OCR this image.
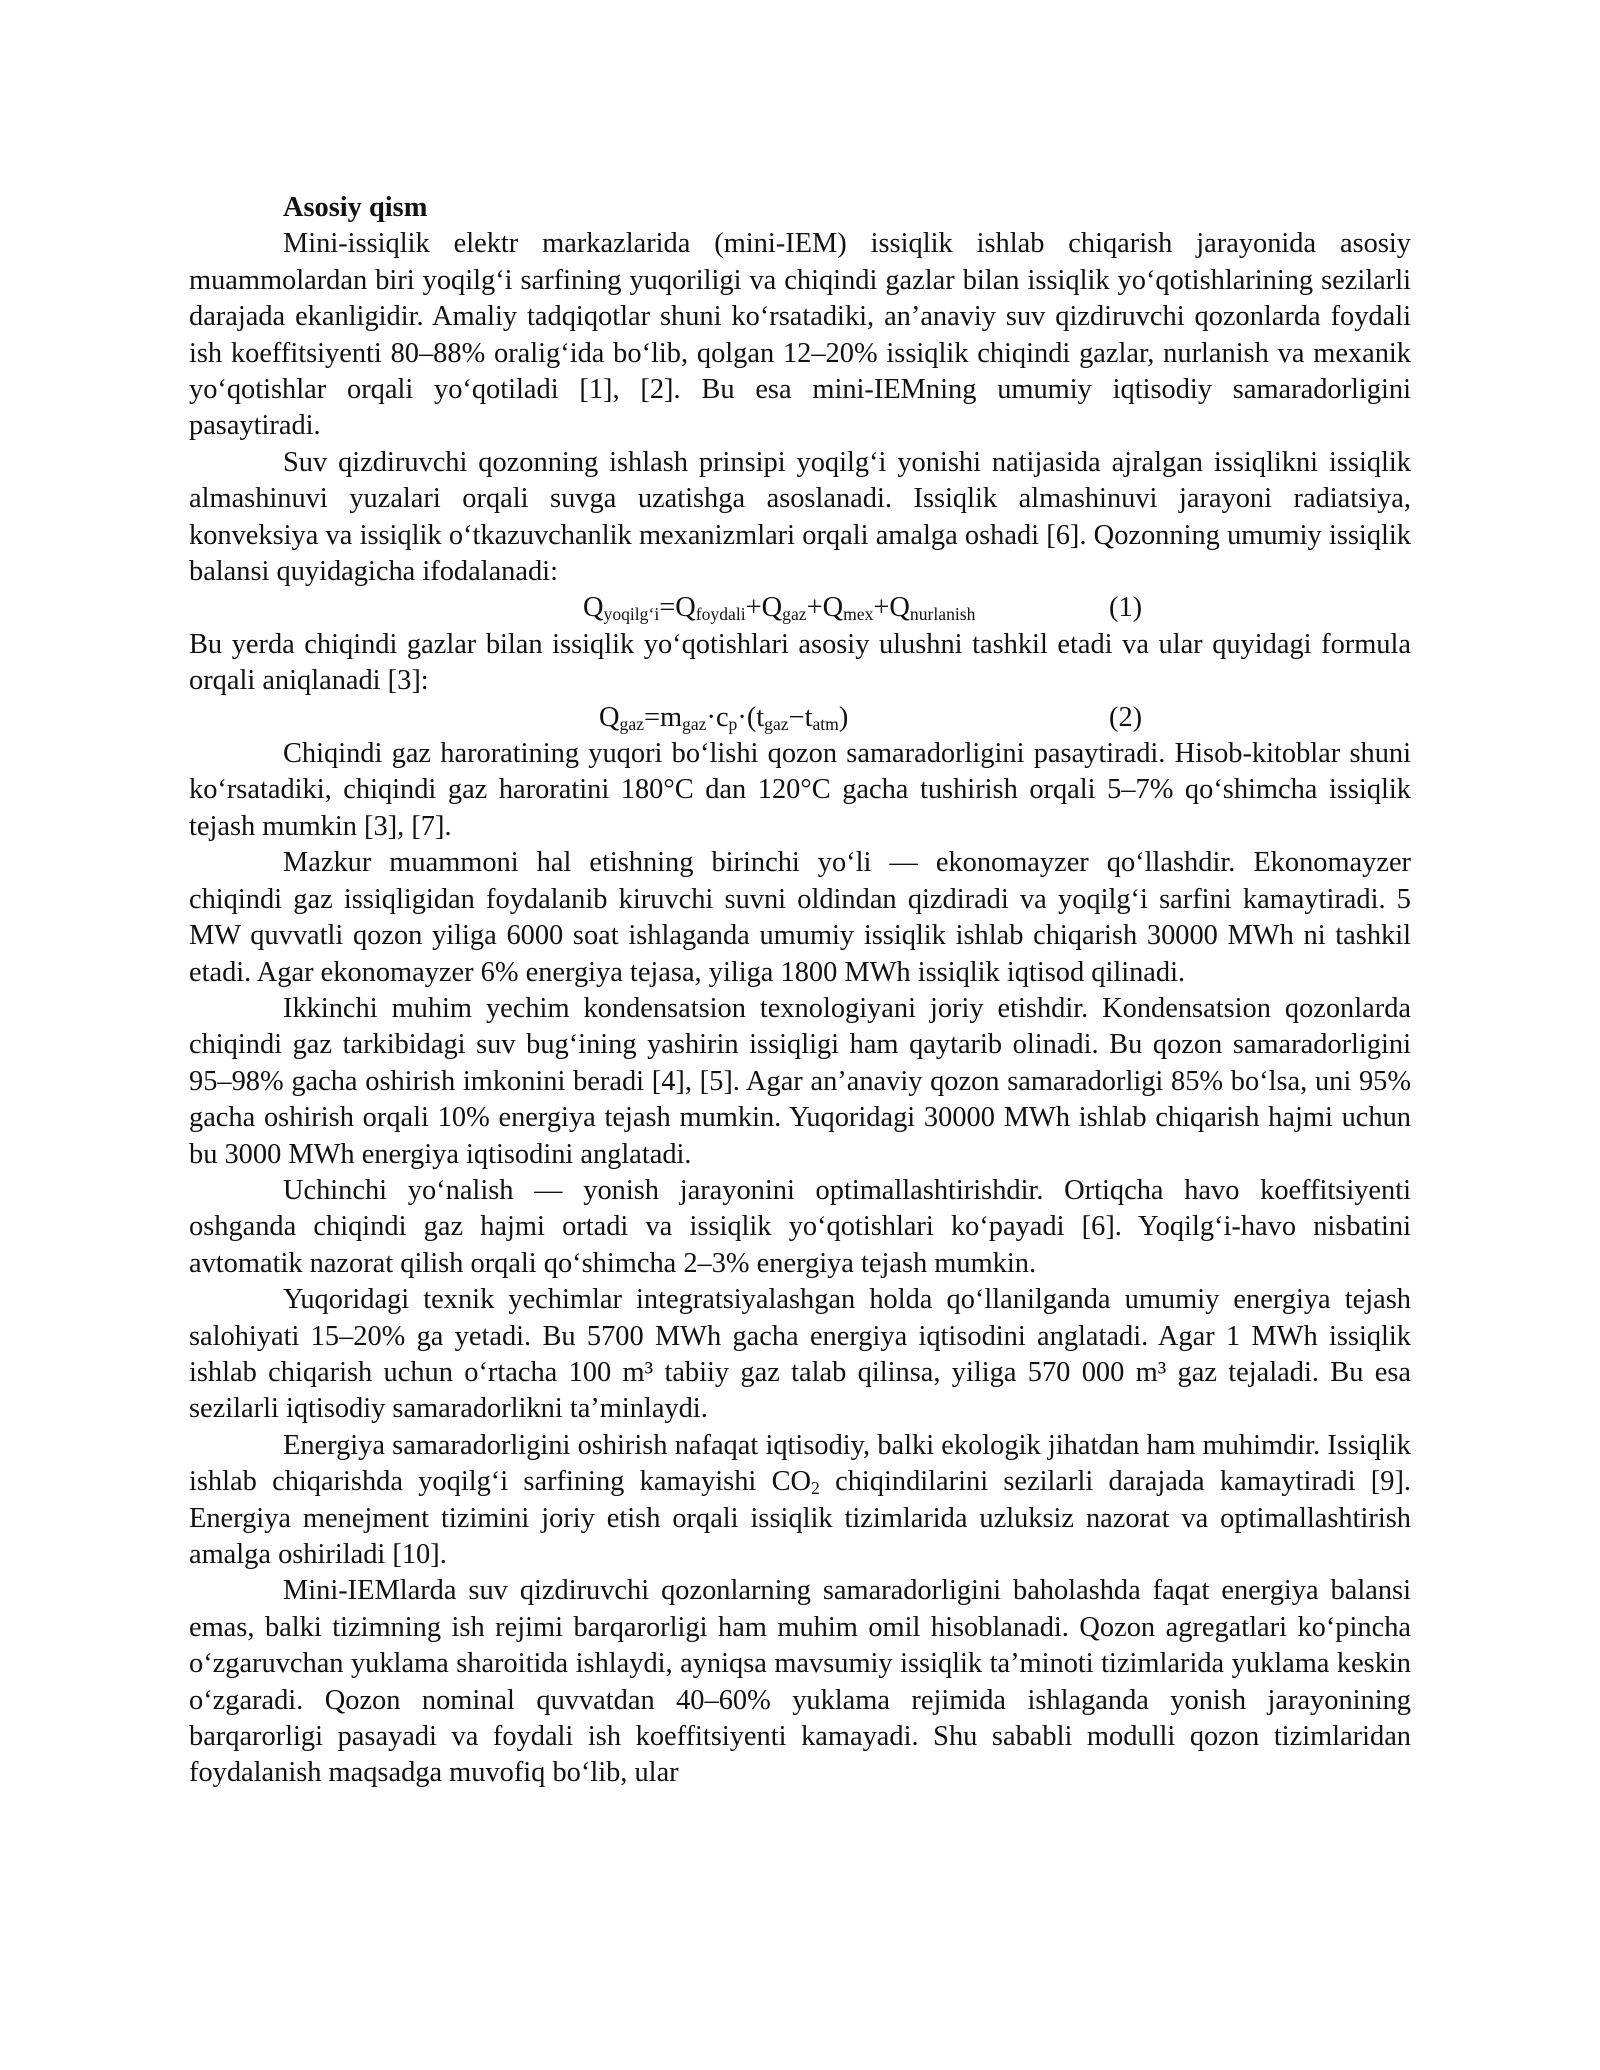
Asosiy qism

Mini-issiqlik elektr markazlarida (mini-IEM) issiqlik ishlab chiqarish jarayonida asosiy muammolardan biri yoqilg‘i sarfining yuqoriligi va chiqindi gazlar bilan issiqlik yo‘qotishlarining sezilarli darajada ekanligidir. Amaliy tadqiqotlar shuni ko‘rsatadiki, an’anaviy suv qizdiruvchi qozonlarda foydali ish koeffitsiyenti 80–88% oralig‘ida bo‘lib, qolgan 12–20% issiqlik chiqindi gazlar, nurlanish va mexanik yo‘qotishlar orqali yo‘qotiladi [1], [2]. Bu esa mini-IEMning umumiy iqtisodiy samaradorligini pasaytiradi.

Suv qizdiruvchi qozonning ishlash prinsipi yoqilg‘i yonishi natijasida ajralgan issiqlikni issiqlik almashinuvi yuzalari orqali suvga uzatishga asoslanadi. Issiqlik almashinuvi jarayoni radiatsiya, konveksiya va issiqlik o‘tkazuvchanlik mexanizmlari orqali amalga oshadi [6]. Qozonning umumiy issiqlik balansi quyidagicha ifodalanadi:

$Q_{yoqilg‘i}=Q_{foydali}+Q_{gaz}+Q_{mex}+Q_{nurlanish}$	(1)

Bu yerda chiqindi gazlar bilan issiqlik yo‘qotishlari asosiy ulushni tashkil etadi va ular quyidagi formula orqali aniqlanadi [3]:

$Q_{gaz}=m_{gaz}\cdot c_p\cdot(t_{gaz}-t_{atm})$	(2)

Chiqindi gaz haroratining yuqori bo‘lishi qozon samaradorligini pasaytiradi. Hisob-kitoblar shuni ko‘rsatadiki, chiqindi gaz haroratini 180°C dan 120°C gacha tushirish orqali 5–7% qo‘shimcha issiqlik tejash mumkin [3], [7].

Mazkur muammoni hal etishning birinchi yo‘li — ekonomayzer qo‘llashdir. Ekonomayzer chiqindi gaz issiqligidan foydalanib kiruvchi suvni oldindan qizdiradi va yoqilg‘i sarfini kamaytiradi. 5 MW quvvatli qozon yiliga 6000 soat ishlaganda umumiy issiqlik ishlab chiqarish 30000 MWh ni tashkil etadi. Agar ekonomayzer 6% energiya tejasa, yiliga 1800 MWh issiqlik iqtisod qilinadi.

Ikkinchi muhim yechim kondensatsion texnologiyani joriy etishdir. Kondensatsion qozonlarda chiqindi gaz tarkibidagi suv bug‘ining yashirin issiqligi ham qaytarib olinadi. Bu qozon samaradorligini 95–98% gacha oshirish imkonini beradi [4], [5]. Agar an’anaviy qozon samaradorligi 85% bo‘lsa, uni 95% gacha oshirish orqali 10% energiya tejash mumkin. Yuqoridagi 30000 MWh ishlab chiqarish hajmi uchun bu 3000 MWh energiya iqtisodini anglatadi.

Uchinchi yo‘nalish — yonish jarayonini optimallashtirishdir. Ortiqcha havo koeffitsiyenti oshganda chiqindi gaz hajmi ortadi va issiqlik yo‘qotishlari ko‘payadi [6]. Yoqilg‘i-havo nisbatini avtomatik nazorat qilish orqali qo‘shimcha 2–3% energiya tejash mumkin.

Yuqoridagi texnik yechimlar integratsiyalashgan holda qo‘llanilganda umumiy energiya tejash salohiyati 15–20% ga yetadi. Bu 5700 MWh gacha energiya iqtisodini anglatadi. Agar 1 MWh issiqlik ishlab chiqarish uchun o‘rtacha 100 m³ tabiiy gaz talab qilinsa, yiliga 570 000 m³ gaz tejaladi. Bu esa sezilarli iqtisodiy samaradorlikni ta’minlaydi.

Energiya samaradorligini oshirish nafaqat iqtisodiy, balki ekologik jihatdan ham muhimdir. Issiqlik ishlab chiqarishda yoqilg‘i sarfining kamayishi $CO_2$ chiqindilarini sezilarli darajada kamaytiradi [9]. Energiya menejment tizimini joriy etish orqali issiqlik tizimlarida uzluksiz nazorat va optimallashtirish amalga oshiriladi [10].

Mini-IEMlarda suv qizdiruvchi qozonlarning samaradorligini baholashda faqat energiya balansi emas, balki tizimning ish rejimi barqarorligi ham muhim omil hisoblanadi. Qozon agregatlari ko‘pincha o‘zgaruvchan yuklama sharoitida ishlaydi, ayniqsa mavsumiy issiqlik ta’minoti tizimlarida yuklama keskin o‘zgaradi. Qozon nominal quvvatdan 40–60% yuklama rejimida ishlaganda yonish jarayonining barqarorligi pasayadi va foydali ish koeffitsiyenti kamayadi. Shu sababli modulli qozon tizimlaridan foydalanish maqsadga muvofiq bo‘lib, ular
